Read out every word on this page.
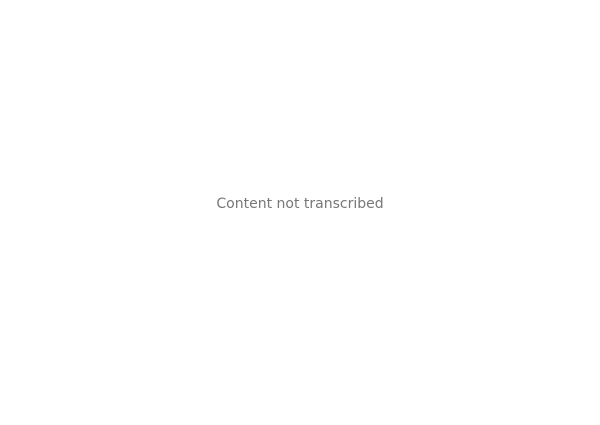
Content not transcribed
